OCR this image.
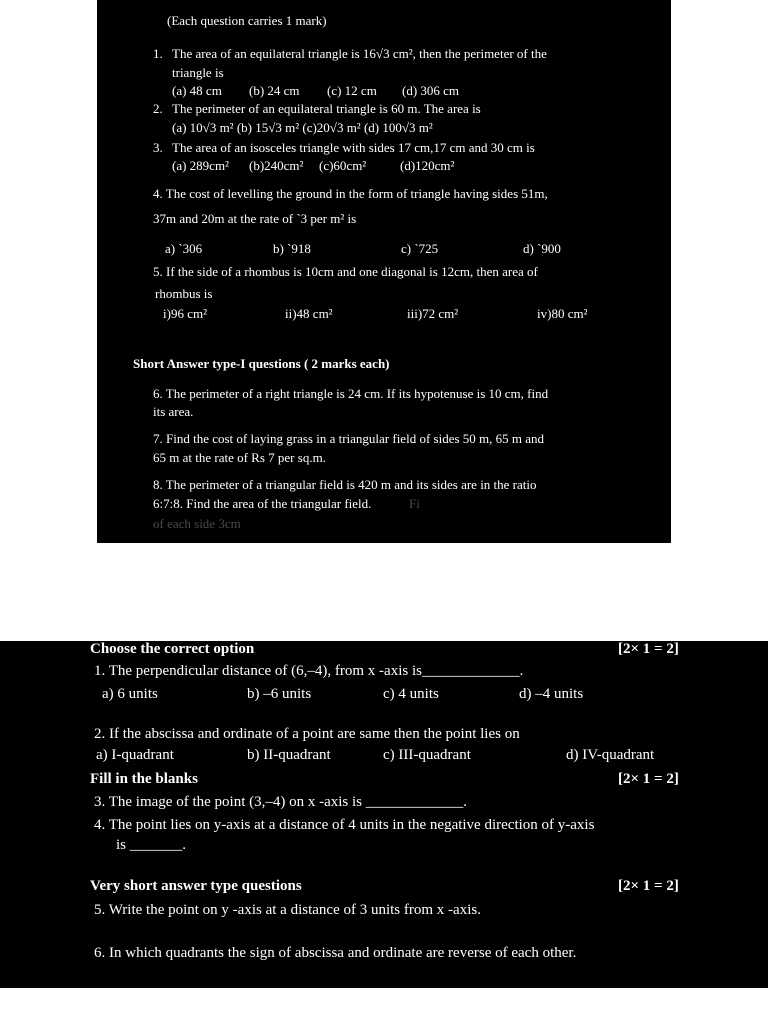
(Each question carries 1 mark)
1. The area of an equilateral triangle is 16√3 cm², then the perimeter of the
triangle is
(a) 48 cm (b) 24 cm (c) 12 cm (d) 306 cm
2. The perimeter of an equilateral triangle is 60 m. The area is
(a) 10√3 m² (b) 15√3 m² (c)20√3 m² (d) 100√3 m²
3. The area of an isosceles triangle with sides 17 cm,17 cm and 30 cm is
(a) 289cm² (b)240cm² (c)60cm²	(d)120cm²
4. The cost of levelling the ground in the form of triangle having sides 51m,
37m and 20m at the rate of `3 per m² is
a) `306	b) `918	c) `725	d) `900
5. If the side of a rhombus is 10cm and one diagonal is 12cm, then area of
rhombus is
i)96 cm²	ii)48 cm²	iii)72 cm²	iv)80 cm²
Short Answer type-I questions ( 2 marks each)
6. The perimeter of a right triangle is 24 cm. If its hypotenuse is 10 cm, find
its area.
7. Find the cost of laying grass in a triangular field of sides 50 m, 65 m and
65 m at the rate of Rs 7 per sq.m.
8. The perimeter of a triangular field is 420 m and its sides are in the ratio
6:7:8. Find the area of the triangular field.	Fi
of each side 3cm
Choose the correct option	[2× 1 = 2]
1. The perpendicular distance of (6,–4), from x -axis is_____________.
a) 6 units	b) –6 units	c) 4 units	d) –4 units
2. If the abscissa and ordinate of a point are same then the point lies on
a) I-quadrant	b) II-quadrant	c) III-quadrant	d) IV-quadrant
Fill in the blanks	[2× 1 = 2]
3. The image of the point (3,–4) on x -axis is _____________.
4. The point lies on y-axis at a distance of 4 units in the negative direction of y-axis
is _______.
Very short answer type questions	[2× 1 = 2]
5. Write the point on y -axis at a distance of 3 units from x -axis.
6. In which quadrants the sign of abscissa and ordinate are reverse of each other.
